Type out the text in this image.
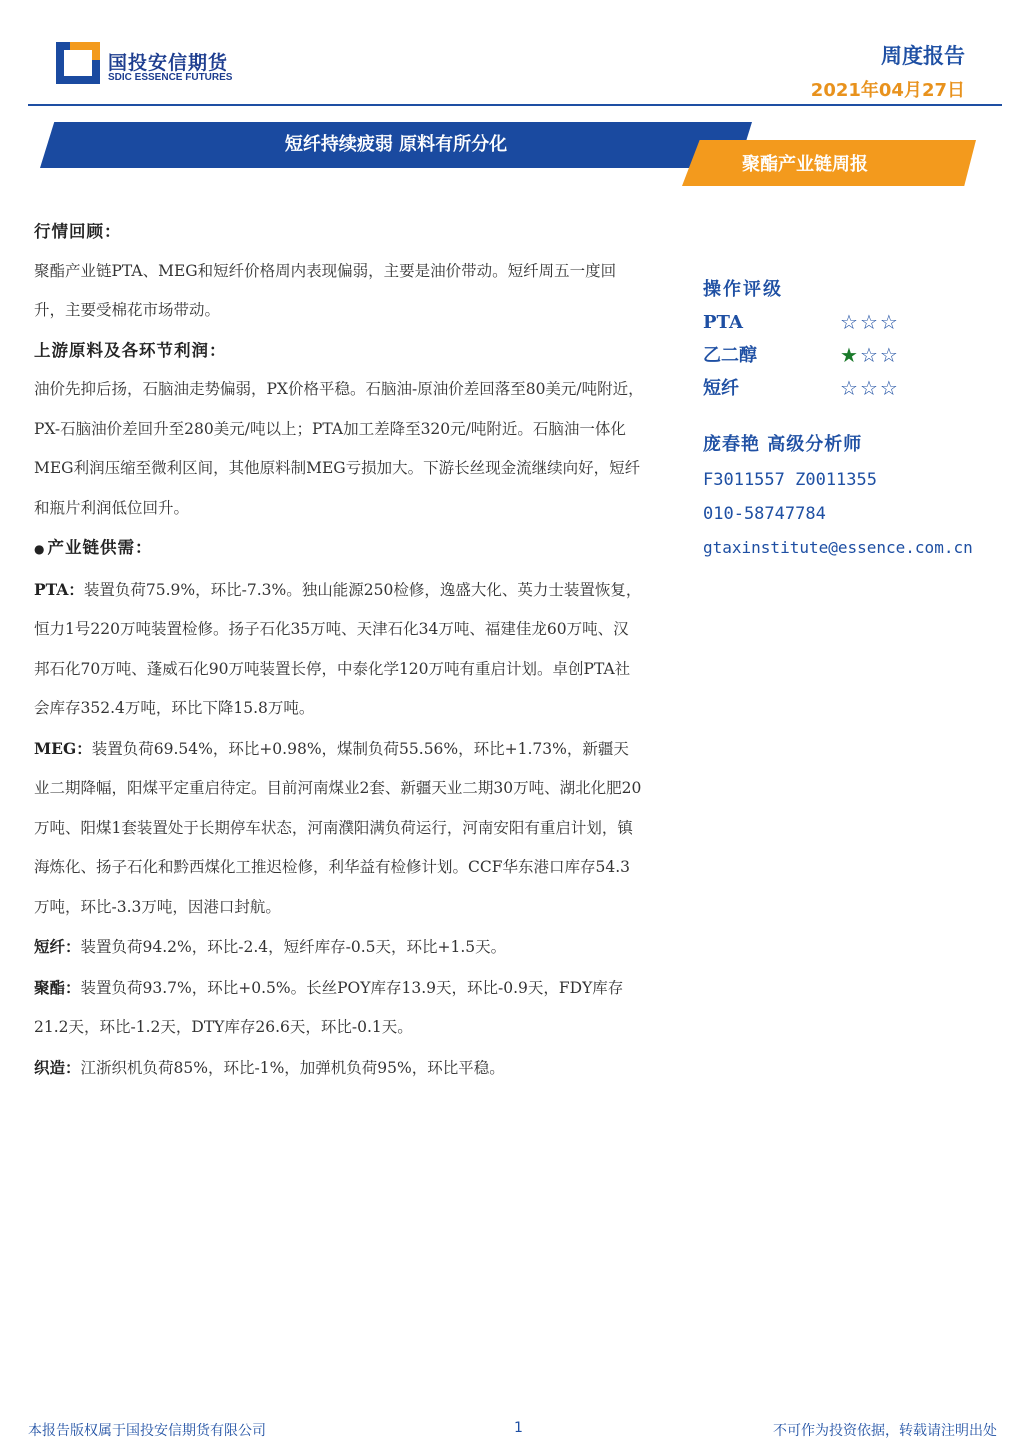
国投安信期货
SDIC ESSENCE FUTURES
周度报告
2021年04月27日
短纤持续疲弱 原料有所分化
聚酯产业链周报

行情回顾：

聚酯产业链PTA、MEG和短纤价格周内表现偏弱，主要是油价带动。短纤周五一度回升，主要受棉花市场带动。

上游原料及各环节利润：

油价先抑后扬，石脑油走势偏弱，PX价格平稳。石脑油-原油价差回落至80美元/吨附近，PX-石脑油价差回升至280美元/吨以上；PTA加工差降至320元/吨附近。石脑油一体化MEG利润压缩至微利区间，其他原料制MEG亏损加大。下游长丝现金流继续向好，短纤和瓶片利润低位回升。

● 产业链供需：

PTA：装置负荷75.9%，环比-7.3%。独山能源250检修，逸盛大化、英力士装置恢复，恒力1号220万吨装置检修。扬子石化35万吨、天津石化34万吨、福建佳龙60万吨、汉邦石化70万吨、蓬威石化90万吨装置长停，中泰化学120万吨有重启计划。卓创PTA社会库存352.4万吨，环比下降15.8万吨。

MEG：装置负荷69.54%，环比+0.98%，煤制负荷55.56%，环比+1.73%，新疆天业二期降幅，阳煤平定重启待定。目前河南煤业2套、新疆天业二期30万吨、湖北化肥20万吨、阳煤1套装置处于长期停车状态，河南濮阳满负荷运行，河南安阳有重启计划，镇海炼化、扬子石化和黔西煤化工推迟检修，利华益有检修计划。CCF华东港口库存54.3万吨，环比-3.3万吨，因港口封航。

短纤：装置负荷94.2%，环比-2.4，短纤库存-0.5天，环比+1.5天。

聚酯：装置负荷93.7%，环比+0.5%。长丝POY库存13.9天，环比-0.9天，FDY库存21.2天，环比-1.2天，DTY库存26.6天，环比-0.1天。

织造：江浙织机负荷85%，环比-1%，加弹机负荷95%，环比平稳。

操作评级
PTA	☆☆☆
乙二醇	★☆☆
短纤	☆☆☆
庞春艳 高级分析师
F3011557 Z0011355
010-58747784
gtaxinstitute@essence.com.cn
本报告版权属于国投安信期货有限公司	1	不可作为投资依据，转载请注明出处
